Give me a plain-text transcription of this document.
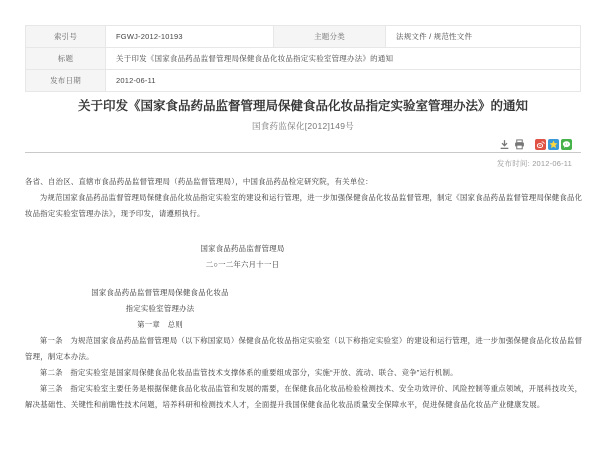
索引号	FGWJ-2012-10193	主题分类	法规文件 / 规范性文件
标题	关于印发《国家食品药品监督管理局保健食品化妆品指定实验室管理办法》的通知		
发布日期	2012-06-11		
关于印发《国家食品药品监督管理局保健食品化妆品指定实验室管理办法》的通知
国食药监保化[2012]149号
发布时间: 2012-06-11

各省、自治区、直辖市食品药品监督管理局（药品监督管理局），中国食品药品检定研究院，有关单位：

为规范国家食品药品监督管理局保健食品化妆品指定实验室的建设和运行管理，进一步加强保健食品化妆品监督管理，制定《国家食品药品监督管理局保健食品化妆品指定实验室管理办法》，现予印发，请遵照执行。

国家食品药品监督管理局

二○一二年六月十一日

国家食品药品监督管理局保健食品化妆品

指定实验室管理办法

第一章　总则

第一条　为规范国家食品药品监督管理局（以下称国家局）保健食品化妆品指定实验室（以下称指定实验室）的建设和运行管理，进一步加强保健食品化妆品监督管理，制定本办法。

第二条　指定实验室是国家局保健食品化妆品监管技术支撑体系的重要组成部分，实施“开放、流动、联合、竞争”运行机制。

第三条　指定实验室主要任务是根据保健食品化妆品监管和发展的需要，在保健食品化妆品检验检测技术、安全功效评价、风险控制等重点领域，开展科技攻关，解决基础性、关键性和前瞻性技术问题，培养科研和检测技术人才，全面提升我国保健食品化妆品质量安全保障水平，促进保健食品化妆品产业健康发展。
